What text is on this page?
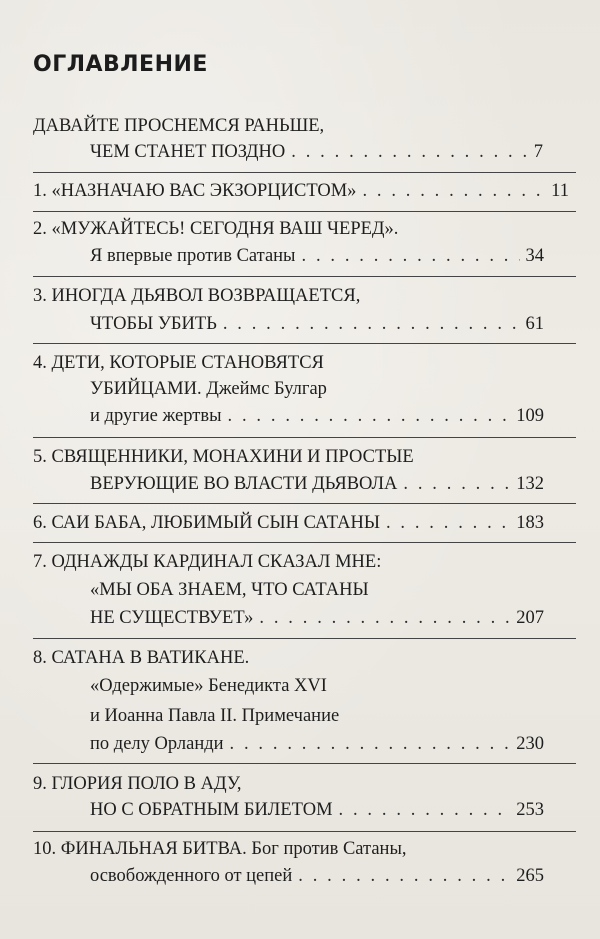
ОГЛАВЛЕНИЕ
ДАВАЙТЕ ПРОСНЕМСЯ РАНЬШЕ,
ЧЕМ СТАНЕТ ПОЗДНО . . .	7
1. «НАЗНАЧАЮ ВАС ЭКЗОРЦИСТОМ» . . .	11
2. «МУЖАЙТЕСЬ! СЕГОДНЯ ВАШ ЧЕРЕД».
Я впервые против Сатаны . . .	34
3. ИНОГДА ДЬЯВОЛ ВОЗВРАЩАЕТСЯ,
ЧТОБЫ УБИТЬ . . .	61
4. ДЕТИ, КОТОРЫЕ СТАНОВЯТСЯ
УБИЙЦАМИ. Джеймс Булгар
и другие жертвы . . .	109
5. СВЯЩЕННИКИ, МОНАХИНИ И ПРОСТЫЕ
ВЕРУЮЩИЕ ВО ВЛАСТИ ДЬЯВОЛА . . .	132
6. САИ БАБА, ЛЮБИМЫЙ СЫН САТАНЫ . . .	183
7. ОДНАЖДЫ КАРДИНАЛ СКАЗАЛ МНЕ:
«МЫ ОБА ЗНАЕМ, ЧТО САТАНЫ
НЕ СУЩЕСТВУЕТ» . . .	207
8. САТАНА В ВАТИКАНЕ.
«Одержимые» Бенедикта XVI
и Иоанна Павла II. Примечание
по делу Орланди . . .	230
9. ГЛОРИЯ ПОЛО В АДУ,
НО С ОБРАТНЫМ БИЛЕТОМ . . .	253
10. ФИНАЛЬНАЯ БИТВА. Бог против Сатаны,
освобожденного от цепей . . .	265
